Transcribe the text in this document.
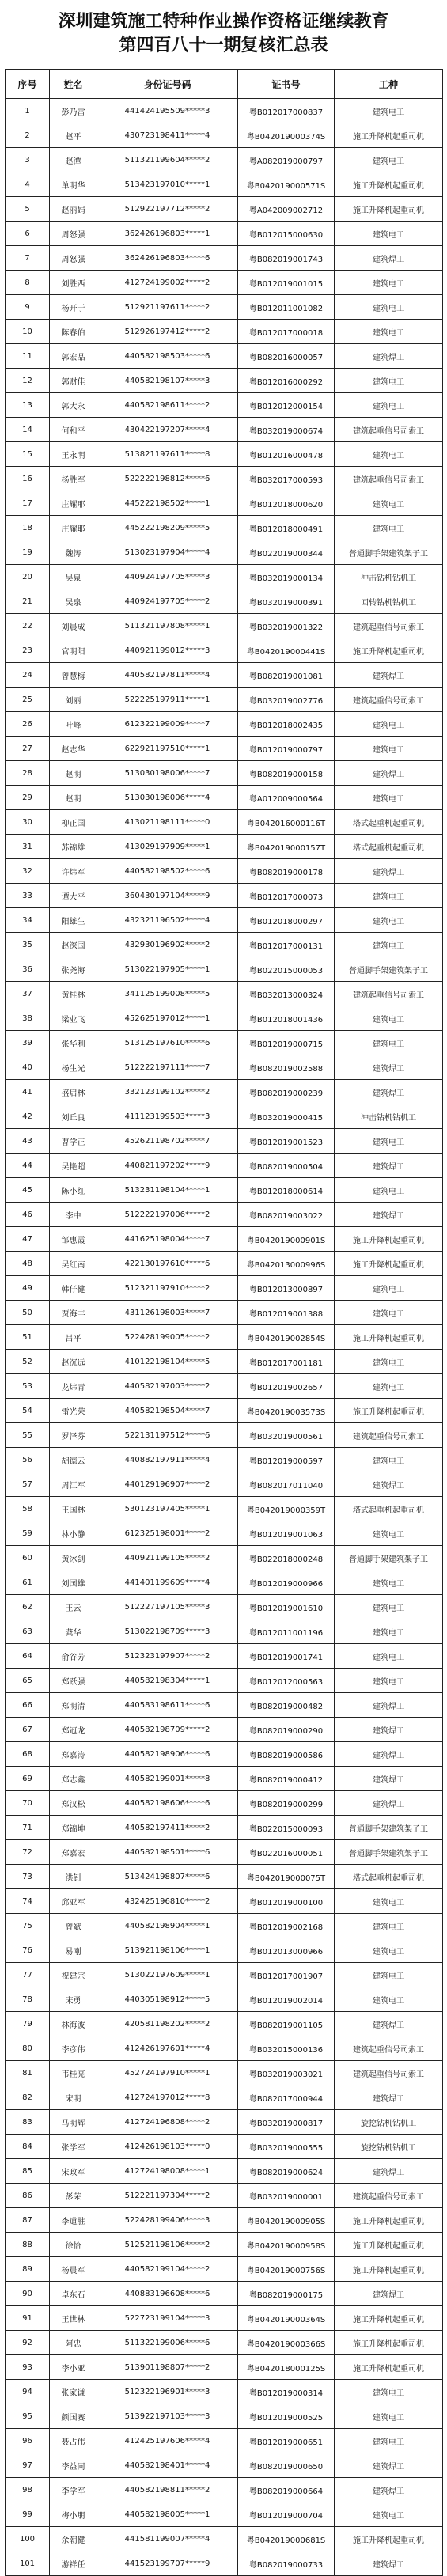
深圳建筑施工特种作业操作资格证继续教育
第四百八十一期复核汇总表
序号	姓名	身份证号码	证书号	工种
1	彭乃雷	441424195509*****3	粤B012017000837	建筑电工
2	赵平	430723198411*****4	粤B042019000374S	施工升降机起重司机
3	赵潭	511321199604*****2	粤A082019000797	建筑电工
4	单明华	513423197010*****1	粤B042019000571S	施工升降机起重司机
5	赵丽娟	512922197712*****2	粤A042009002712	施工升降机起重司机
6	周怒强	362426196803*****1	粤B012015000630	建筑电工
7	周怒强	362426196803*****6	粤B082019001743	建筑焊工
8	刘胜西	412724199002*****2	粤B012019001015	建筑电工
9	杨开于	512921197611*****2	粤B012011001082	建筑电工
10	陈春伯	512926197412*****2	粤B012017000018	建筑电工
11	郭宏品	440582198503*****6	粤B082016000057	建筑焊工
12	郭财佳	440582198107*****3	粤B012016000292	建筑电工
13	郭大永	440582198611*****2	粤B012012000154	建筑电工
14	何和平	430422197207*****4	粤B032019000674	建筑起重信号司索工
15	王永明	513821197611*****8	粤B012016000478	建筑电工
16	杨胜军	522222198812*****6	粤B032017000593	建筑起重信号司索工
17	庄耀耶	445222198502*****1	粤B012018000620	建筑电工
18	庄耀耶	445222198209*****5	粤B012018000491	建筑电工
19	魏涛	513023197904*****4	粤B022019000344	普通脚手架建筑架子工
20	吴泉	440924197705*****3	粤B032019000134	冲击钻机钻机工
21	吴泉	440924197705*****2	粤B032019000391	回转钻机钻机工
22	刘晨成	511321197808*****1	粤B032019001322	建筑起重信号司索工
23	官明阳	440921199012*****3	粤B042019000441S	施工升降机起重司机
24	曾慧梅	440582197811*****4	粤B082019001081	建筑焊工
25	刘丽	522225197911*****1	粤B032019002776	建筑起重信号司索工
26	叶峰	612322199009*****7	粤B012018002435	建筑电工
27	赵志华	622921197510*****1	粤B012019000797	建筑电工
28	赵明	513030198006*****7	粤B082019000158	建筑焊工
29	赵明	513030198006*****4	粤A012009000564	建筑电工
30	柳正国	413021198111*****0	粤B042016000116T	塔式起重机起重司机
31	苏锦雄	413029197909*****1	粤B042019000157T	塔式起重机起重司机
32	许炜军	440582198502*****6	粤B082019000178	建筑焊工
33	谭大平	360430197104*****9	粤B012017000073	建筑电工
34	阳雄生	432321196502*****4	粤B012018000297	建筑电工
35	赵深国	432930196902*****2	粤B012017000131	建筑电工
36	张尧海	513022197905*****1	粤B022015000053	普通脚手架建筑架子工
37	黄桂林	341125199008*****5	粤B032013000324	建筑起重信号司索工
38	梁业飞	452625197012*****1	粤B012018001436	建筑电工
39	张华利	513125197610*****6	粤B012019000715	建筑电工
40	杨生光	512222197111*****7	粤B082019002588	建筑焊工
41	盛启林	332123199102*****2	粤B082019000239	建筑焊工
42	刘丘良	411123199503*****3	粤B032019000415	冲击钻机钻机工
43	曹学正	452621198702*****7	粤B012019001523	建筑电工
44	吴艳超	440821197202*****9	粤B082019000504	建筑焊工
45	陈小红	513231198104*****1	粤B012018000614	建筑电工
46	李中	512222197006*****2	粤B082019003022	建筑焊工
47	邹惠霞	441625198004*****7	粤B042019000901S	施工升降机起重司机
48	吴红南	422130197610*****6	粤B042013000996S	施工升降机起重司机
49	韩仔健	512321197910*****2	粤B012013000897	建筑电工
50	贾海丰	431126198003*****7	粤B012019001388	建筑电工
51	吕平	522428199005*****2	粤B042019002854S	施工升降机起重司机
52	赵沉远	410122198104*****5	粤B012017001181	建筑电工
53	龙炜青	440582197003*****2	粤B012019002657	建筑电工
54	雷光荣	440582198504*****7	粤B042019003573S	施工升降机起重司机
55	罗泽芬	522131197512*****6	粤B032019000561	建筑起重信号司索工
56	胡德云	440882197911*****4	粤B012019000597	建筑电工
57	周江军	440129196907*****2	粤B082017011040	建筑焊工
58	王国林	530123197405*****1	粤B042019000359T	塔式起重机起重司机
59	林小静	612325198001*****2	粤B012019001063	建筑电工
60	黄冰剑	440921199105*****2	粤B022018000248	普通脚手架建筑架子工
61	刘国雄	441401199609*****4	粤B012019000966	建筑电工
62	王云	512227197105*****3	粤B012019001610	建筑电工
63	龚华	513022198709*****3	粤B012011001196	建筑电工
64	俞谷芳	512323197907*****2	粤B012019001741	建筑电工
65	郑跃强	440582198304*****1	粤B012012000563	建筑电工
66	郑明清	440583198611*****6	粤B082019000482	建筑焊工
67	郑冠龙	440582198709*****2	粤B082019000290	建筑焊工
68	郑嘉涛	440582198906*****6	粤B082019000586	建筑焊工
69	郑志鑫	440582199001*****8	粤B082019000412	建筑焊工
70	郑汉松	440582198606*****6	粤B082019000299	建筑焊工
71	郑锦坤	440582197411*****2	粤B022015000093	普通脚手架建筑架子工
72	郑嘉宏	440582198501*****6	粤B022016000051	普通脚手架建筑架子工
73	洪钊	513424198807*****6	粤B042019000075T	塔式起重机起重司机
74	邱亚军	432425196810*****2	粤B012019000100	建筑电工
75	曾斌	440582198904*****1	粤B012019002168	建筑电工
76	易刚	513921198106*****1	粤B012013000966	建筑电工
77	祝建宗	513022197609*****1	粤B012017001907	建筑电工
78	宋勇	440305198912*****5	粤B012019002014	建筑电工
79	林海波	420581198202*****2	粤B082019001105	建筑焊工
80	李彦伟	412426197601*****4	粤B032015000136	建筑起重信号司索工
81	韦桂亮	452724197910*****1	粤B032019003021	建筑起重信号司索工
82	宋明	412724197012*****8	粤B082017000944	建筑焊工
83	马明辉	412724196808*****2	粤B032019000817	旋挖钻机钻机工
84	张学军	412426198103*****0	粤B032019000555	旋挖钻机钻机工
85	宋政军	412724198008*****1	粤B082019000624	建筑焊工
86	彭荣	512221197304*****2	粤B032019000001	建筑起重信号司索工
87	李道胜	522428199406*****3	粤B042019000905S	施工升降机起重司机
88	徐恰	512521198106*****2	粤B042019000958S	施工升降机起重司机
89	杨晨军	440582199104*****2	粤B042019000756S	施工升降机起重司机
90	卓东石	440883196608*****6	粤B082019000175	建筑焊工
91	王世林	522723199104*****3	粤B042019000364S	施工升降机起重司机
92	阿忠	511322199006*****6	粤B042019000366S	施工升降机起重司机
93	李小亚	513901198807*****2	粤B042018000125S	施工升降机起重司机
94	张家谦	512322196901*****3	粤B012019000314	建筑电工
95	颜国赛	513922197103*****3	粤B012019000525	建筑电工
96	聂占伟	412425197606*****4	粤B012019000651	建筑电工
97	李益同	440582198401*****4	粤B082019000650	建筑焊工
98	李学军	440582198811*****2	粤B082019000664	建筑焊工
99	梅小朋	440582198005*****1	粤B012019000704	建筑电工
100	余朝健	441581199007*****4	粤B042019000681S	施工升降机起重司机
101	游祥任	441523199707*****9	粤B082019000733	建筑焊工
